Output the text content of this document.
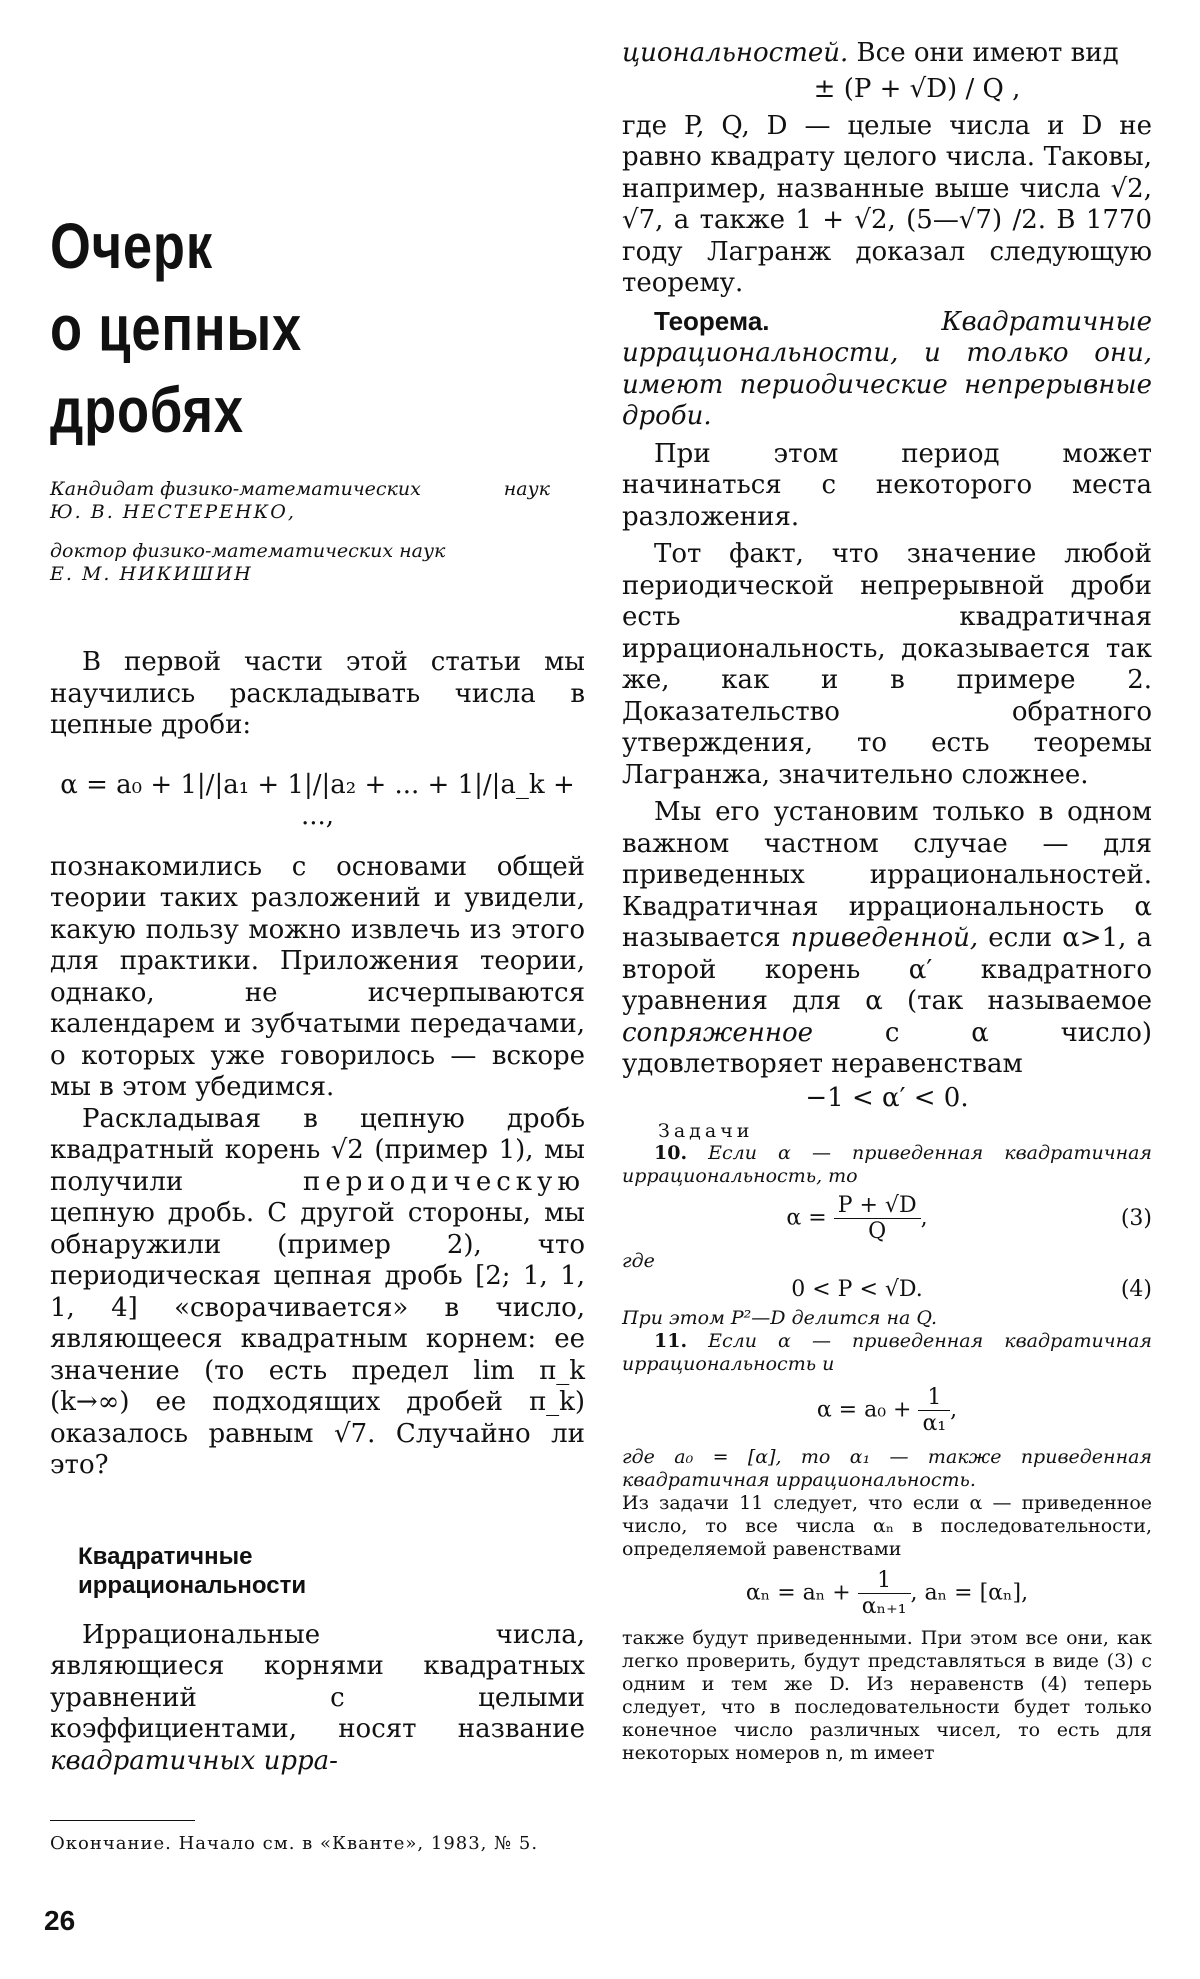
Очерк
о цепных
дробях
Кандидат физико-математических	наук
Ю. В. НЕСТЕРЕНКО,
доктор физико-математических наук
Е. М. НИКИШИН

В первой части этой статьи мы научились раскладывать числа в цепные дроби:

α = a₀ + 1|/|a₁ + 1|/|a₂ + ... + 1|/|a_k + ...,

познакомились с основами общей теории таких разложений и увидели, какую пользу можно извлечь из этого для практики. Приложения теории, однако, не исчерпываются календарем и зубчатыми передачами, о которых уже говорилось — вскоре мы в этом убедимся.

Раскладывая в цепную дробь квадратный корень √2 (пример 1), мы получили	периодическую цепную дробь. С другой стороны, мы обнаружили (пример 2), что периодическая цепная дробь [2; 1, 1, 1, 4] «сворачивается» в число, являющееся квадратным корнем: ее значение (то есть предел lim π_k (k→∞) ее подходящих дробей π_k) оказалось равным √7. Случайно ли это?

Квадратичные
иррациональности

Иррациональные числа, являющиеся корнями квадратных уравнений с целыми коэффициентами, носят название квадратичных ирра-

Окончание. Начало см. в «Кванте», 1983, № 5.
26

циональностей. Все они имеют вид

± (P + √D) / Q ,

где P, Q, D — целые числа и D не равно квадрату целого числа. Таковы, например, названные выше числа √2, √7, а также 1 + √2, (5—√7) /2. В 1770 году Лагранж доказал следующую теорему.

Теорема.	Квадратичные иррациональности, и только они, имеют периодические непрерывные дроби.

При этом период может начинаться с некоторого места разложения.

Тот факт, что значение любой периодической непрерывной дроби есть квадратичная иррациональность, доказывается так же, как и в примере 2. Доказательство обратного утверждения, то есть теоремы Лагранжа, значительно сложнее.

Мы его установим только в одном важном частном случае — для приведенных иррациональностей. Квадратичная иррациональность α называется приведенной, если α>1, а второй корень α′ квадратного уравнения для α (так называемое сопряженное	с α число) удовлетворяет неравенствам

−1 < α′ < 0.
Задачи

10. Если α — приведенная квадратичная иррациональность, то

$\alpha = \frac{P + √D}{Q}$ ,	(3)

где

0 < P < √D.	(4)

При этом P²—D делится на Q.

11. Если α — приведенная квадратичная иррациональность и

$\alpha = a_0 + \frac{1}{\text{α₁}}$ ,

где a₀ = [α], то α₁ — также приведенная квадратичная иррациональность.

Из задачи 11 следует, что если α — приведенное число, то все числа αₙ в последовательности, определяемой равенствами

$\alpha_n = a_n + \frac{1}{\text{αₙ₊₁}}$ , aₙ = [αₙ],

также будут приведенными. При этом все они, как легко проверить, будут представляться в виде (3) с одним и тем же D. Из неравенств (4) теперь следует, что в последовательности будет только конечное число различных чисел, то есть для некоторых номеров n, m имеет
